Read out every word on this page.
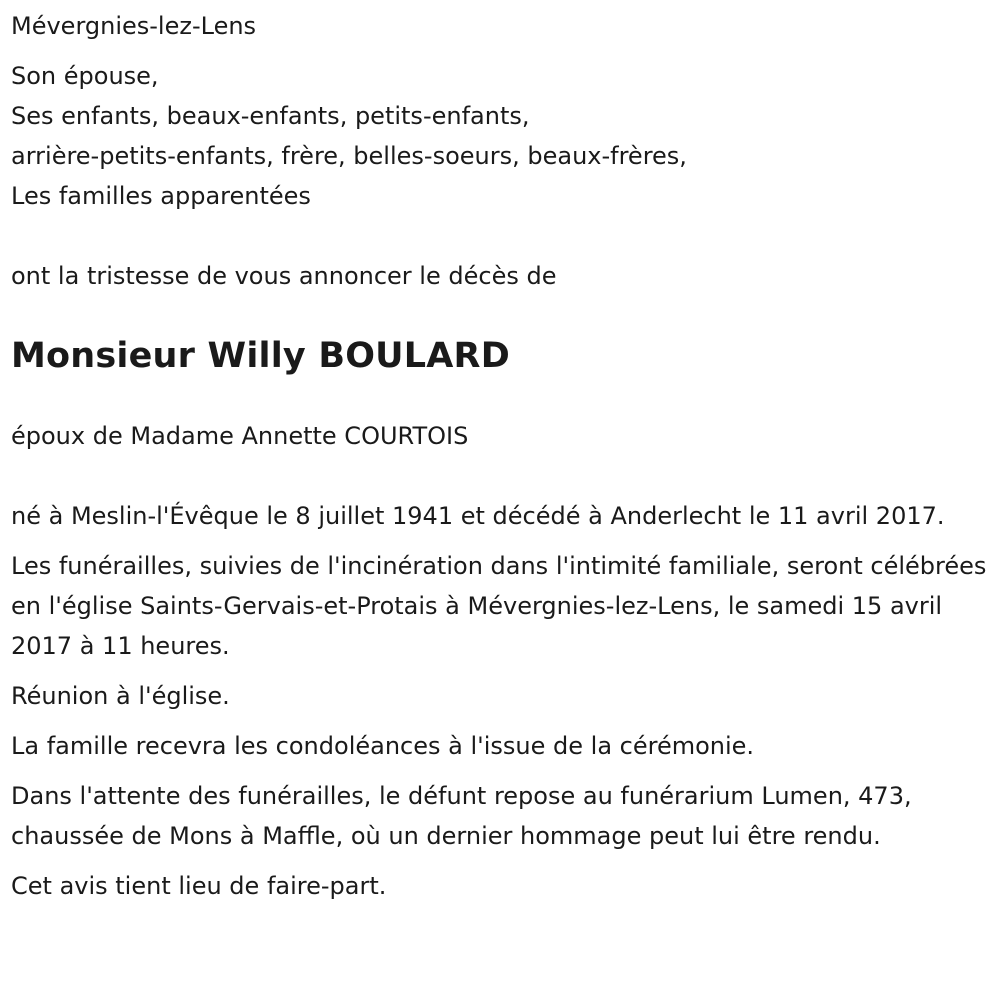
Mévergnies-lez-Lens

Son épouse,

Ses enfants, beaux-enfants, petits-enfants,

arrière-petits-enfants, frère, belles-soeurs, beaux-frères,

Les familles apparentées

ont la tristesse de vous annoncer le décès de

Monsieur Willy BOULARD

époux de Madame Annette COURTOIS

né à Meslin-l'Évêque le 8 juillet 1941 et décédé à Anderlecht le 11 avril 2017.

Les funérailles, suivies de l'incinération dans l'intimité familiale, seront célébrées en l'église Saints-Gervais-et-Protais à Mévergnies-lez-Lens, le samedi 15 avril 2017 à 11 heures.

Réunion à l'église.

La famille recevra les condoléances à l'issue de la cérémonie.

Dans l'attente des funérailles, le défunt repose au funérarium Lumen, 473, chaussée de Mons à Maffle, où un dernier hommage peut lui être rendu.

Cet avis tient lieu de faire-part.
